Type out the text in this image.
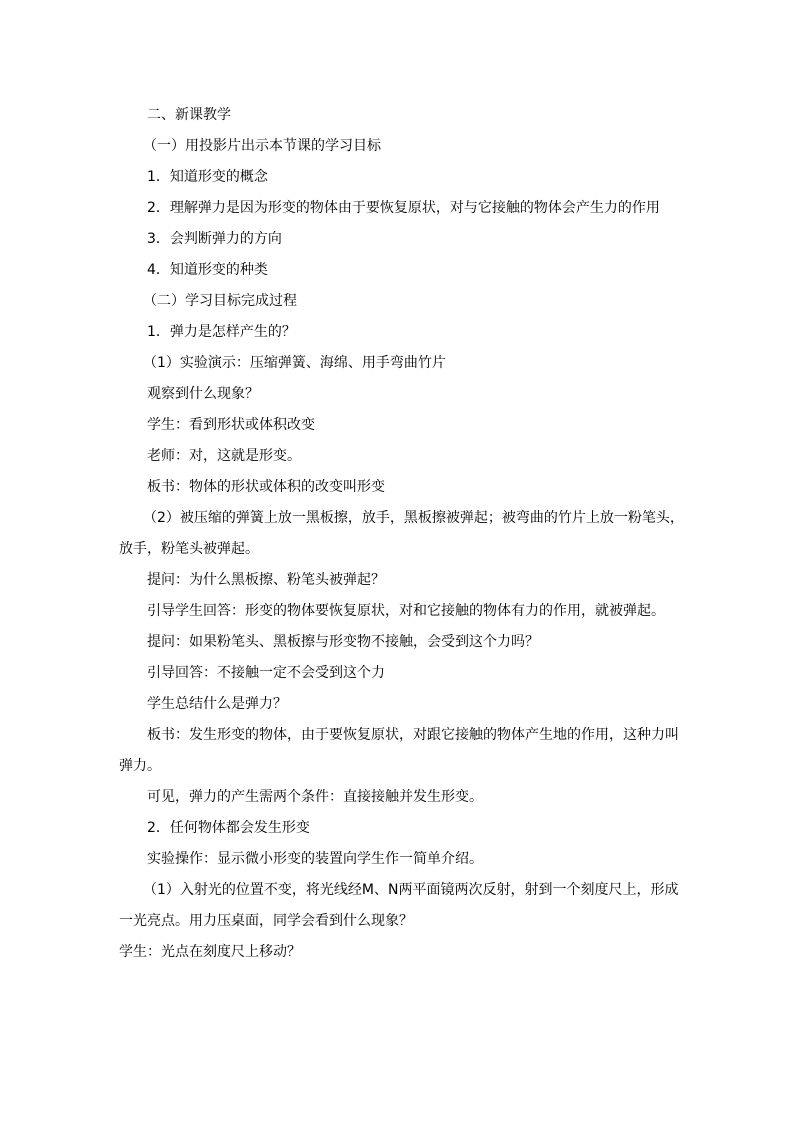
二、新课教学
（一）用投影片出示本节课的学习目标
1．知道形变的概念
2．理解弹力是因为形变的物体由于要恢复原状，对与它接触的物体会产生力的作用
3．会判断弹力的方向
4．知道形变的种类
（二）学习目标完成过程
1．弹力是怎样产生的？
（1）实验演示：压缩弹簧、海绵、用手弯曲竹片
观察到什么现象？
学生：看到形状或体积改变
老师：对，这就是形变。
板书：物体的形状或体积的改变叫形变
（2）被压缩的弹簧上放一黑板擦，放手，黑板擦被弹起；被弯曲的竹片上放一粉笔头，
放手，粉笔头被弹起。
提问：为什么黑板擦、粉笔头被弹起？
引导学生回答：形变的物体要恢复原状，对和它接触的物体有力的作用，就被弹起。
提问：如果粉笔头、黑板擦与形变物不接触，会受到这个力吗？
引导回答：不接触一定不会受到这个力
学生总结什么是弹力？
板书：发生形变的物体，由于要恢复原状，对跟它接触的物体产生地的作用，这种力叫
弹力。
可见，弹力的产生需两个条件：直接接触并发生形变。
2．任何物体都会发生形变
实验操作：显示微小形变的装置向学生作一简单介绍。
（1）入射光的位置不变，将光线经M、N两平面镜两次反射，射到一个刻度尺上，形成
一光亮点。用力压桌面，同学会看到什么现象？
学生：光点在刻度尺上移动？
